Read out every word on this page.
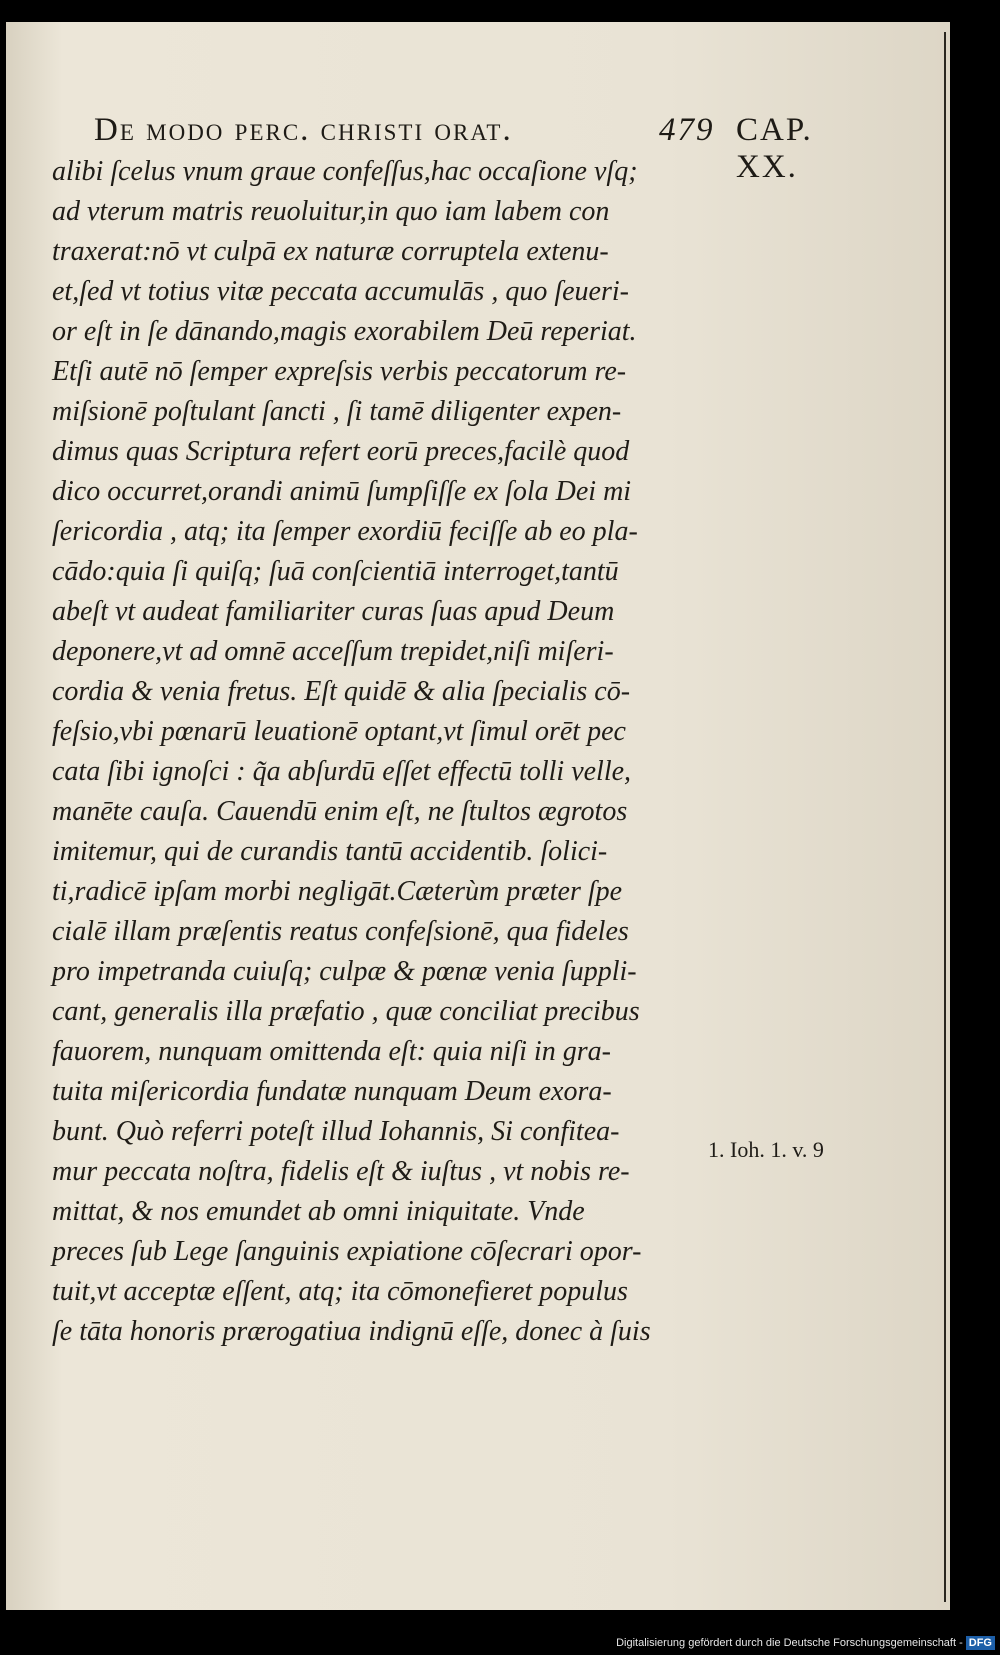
De modo perc. christi orat.	479 CAP. XX.
alibi ſcelus vnum graue confeſſus,hac occaſione vſq;
ad vterum matris reuoluitur,in quo iam labem con
traxerat:nō vt culpā ex naturæ corruptela extenu-
et,ſed vt totius vitæ peccata accumulās , quo ſeueri-
or eſt in ſe dānando,magis exorabilem Deū reperiat.
Etſi autē nō ſemper expreſsis verbis peccatorum re-
miſsionē poſtulant ſancti , ſi tamē diligenter expen-
dimus quas Scriptura refert eorū preces,facilè quod
dico occurret,orandi animū ſumpſiſſe ex ſola Dei mi
ſericordia , atq; ita ſemper exordiū feciſſe ab eo pla-
cādo:quia ſi quiſq; ſuā conſcientiā interroget,tantū
abeſt vt audeat familiariter curas ſuas apud Deum
deponere,vt ad omnē acceſſum trepidet,niſi miſeri-
cordia & venia fretus. Eſt quidē & alia ſpecialis cō-
feſsio,vbi pœnarū leuationē optant,vt ſimul orēt pec
cata ſibi ignoſci : q̃a abſurdū eſſet effectū tolli velle,
manēte cauſa. Cauendū enim eſt, ne ſtultos ægrotos
imitemur, qui de curandis tantū accidentib. ſolici-
ti,radicē ipſam morbi negligāt.Cæterùm præter ſpe
cialē illam præſentis reatus confeſsionē, qua fideles
pro impetranda cuiuſq; culpæ & pœnæ venia ſuppli-
cant, generalis illa præfatio , quæ conciliat precibus
fauorem, nunquam omittenda eſt: quia niſi in gra-
tuita miſericordia fundatæ nunquam Deum exora-
bunt. Quò referri poteſt illud Iohannis, Si confitea-
mur peccata noſtra, fidelis eſt & iuſtus , vt nobis re-
mittat, & nos emundet ab omni iniquitate. Vnde
preces ſub Lege ſanguinis expiatione cōſecrari opor-
tuit,vt acceptæ eſſent, atq; ita cōmonefieret populus
ſe tāta honoris prærogatiua indignū eſſe, donec à ſuis
1. Ioh. 1. v. 9
Digitalisierung gefördert durch die Deutsche Forschungsgemeinschaft - DFG
